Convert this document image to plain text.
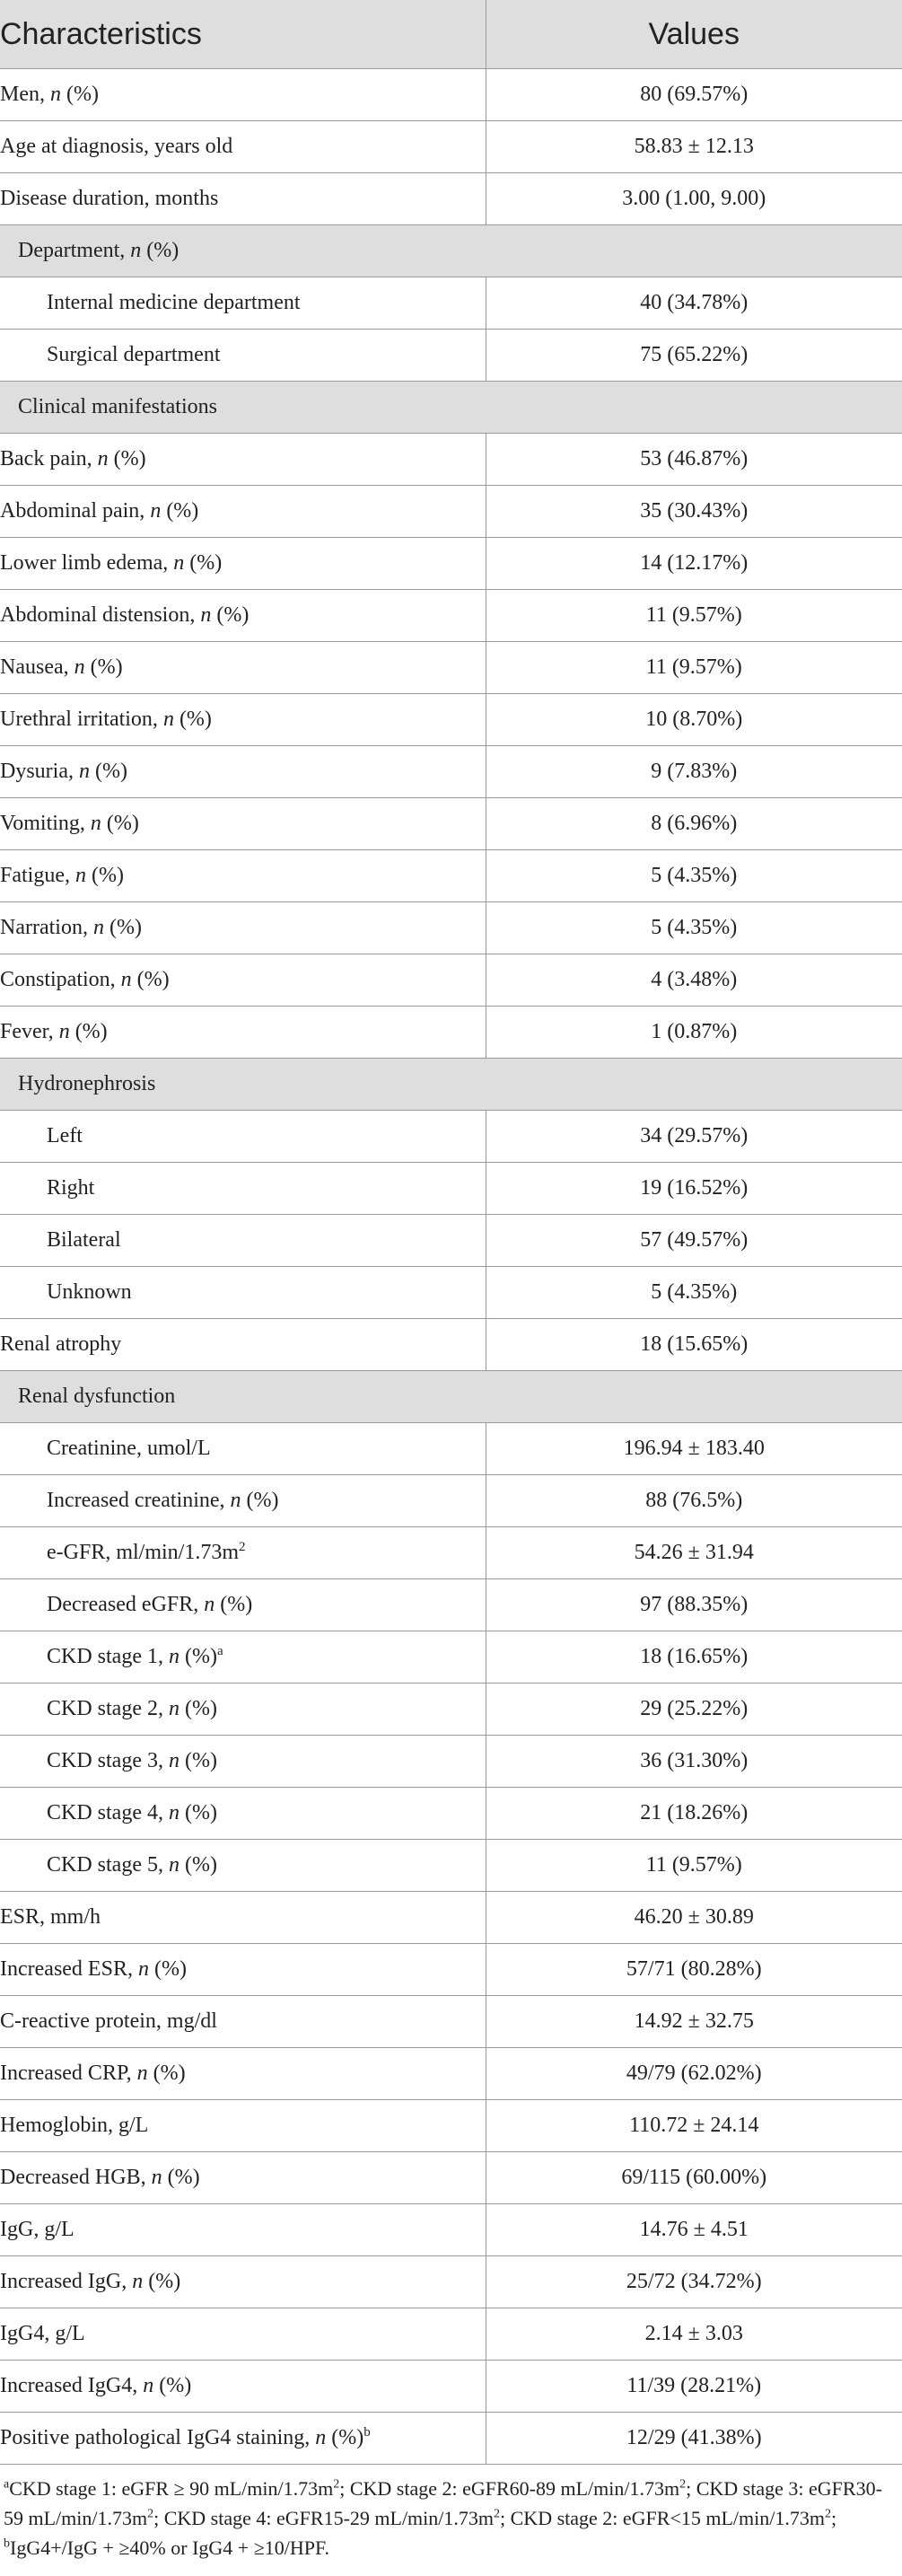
Characteristics	Values
Men, n (%)	80 (69.57%)
Age at diagnosis, years old	58.83 ± 12.13
Disease duration, months	3.00 (1.00, 9.00)
Department, n (%)	
Internal medicine department	40 (34.78%)
Surgical department	75 (65.22%)
Clinical manifestations	
Back pain, n (%)	53 (46.87%)
Abdominal pain, n (%)	35 (30.43%)
Lower limb edema, n (%)	14 (12.17%)
Abdominal distension, n (%)	11 (9.57%)
Nausea, n (%)	11 (9.57%)
Urethral irritation, n (%)	10 (8.70%)
Dysuria, n (%)	9 (7.83%)
Vomiting, n (%)	8 (6.96%)
Fatigue, n (%)	5 (4.35%)
Narration, n (%)	5 (4.35%)
Constipation, n (%)	4 (3.48%)
Fever, n (%)	1 (0.87%)
Hydronephrosis	
Left	34 (29.57%)
Right	19 (16.52%)
Bilateral	57 (49.57%)
Unknown	5 (4.35%)
Renal atrophy	18 (15.65%)
Renal dysfunction	
Creatinine, umol/L	196.94 ± 183.40
Increased creatinine, n (%)	88 (76.5%)
e-GFR, $ml/\min/1.73m^2$	54.26 ± 31.94
Decreased eGFR, n (%)	97 (88.35%)
CKD stage 1, n (%)$^a$	18 (16.65%)
CKD stage 2, n (%)	29 (25.22%)
CKD stage 3, n (%)	36 (31.30%)
CKD stage 4, n (%)	21 (18.26%)
CKD stage 5, n (%)	11 (9.57%)
ESR, mm/h	46.20 ± 30.89
Increased ESR, n (%)	57/71 (80.28%)
C-reactive protein, mg/dl	14.92 ± 32.75
Increased CRP, n (%)	49/79 (62.02%)
Hemoglobin, g/L	110.72 ± 24.14
Decreased HGB, n (%)	69/115 (60.00%)
IgG, g/L	14.76 ± 4.51
Increased IgG, n (%)	25/72 (34.72%)
IgG4, g/L	2.14 ± 3.03
Increased IgG4, n (%)	11/39 (28.21%)
Positive pathological IgG4 staining, n (%)$^b$	12/29 (41.38%)
$^a$CKD stage 1: eGFR ≥ 90 $mL/\min/1.73m^2$; CKD stage 2: eGFR60-89 $mL/\min/1.73m^2$; CKD stage 3: eGFR30-59 $mL/\min/1.73m^2$; CKD stage 4: eGFR15-29 $mL/\min/1.73m^2$; CKD stage 2: eGFR<15 $mL/\min/1.73m^2$; $^b$IgG4+/IgG + ≥40% or IgG4 + ≥10/HPF.
